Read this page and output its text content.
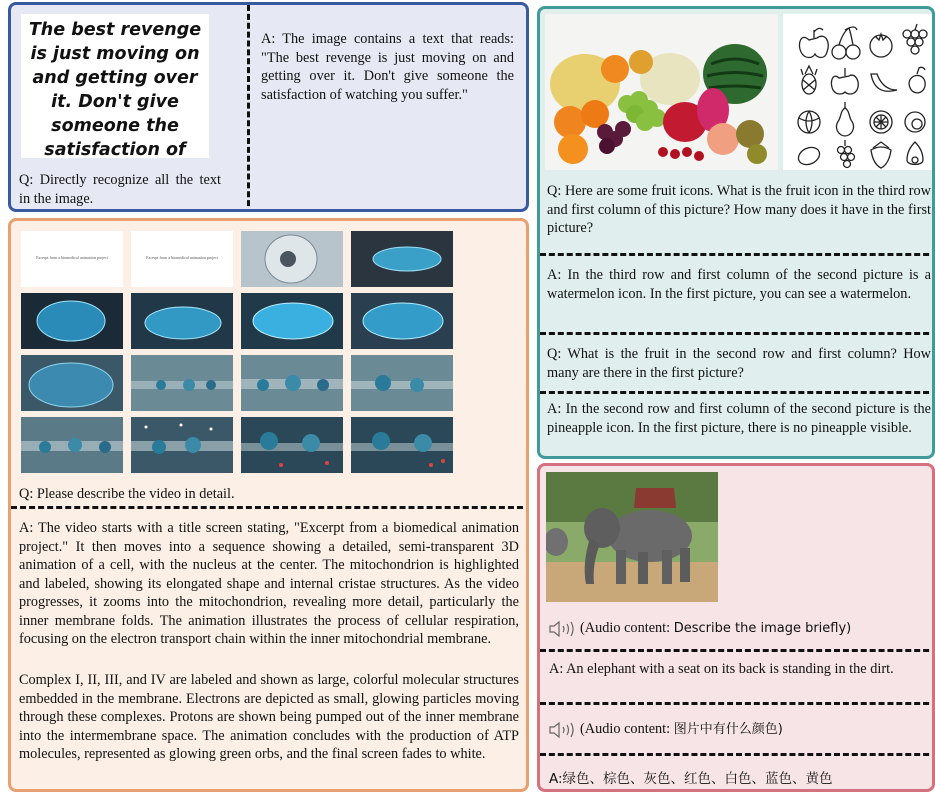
The best revenge is just moving on and getting over it. Don't give someone the satisfaction of
Q: Directly recognize all the text in the image.
A: The image contains a text that reads: "The best revenge is just moving on and getting over it. Don't give someone the satisfaction of watching you suffer."
Q: Here are some fruit icons. What is the fruit icon in the third row and first column of this picture? How many does it have in the first picture?
A: In the third row and first column of the second picture is a watermelon icon. In the first picture, you can see a watermelon.
Q: What is the fruit in the second row and first column? How many are there in the first picture?
A: In the second row and first column of the second picture is the pineapple icon. In the first picture, there is no pineapple visible.
Excerpt from a biomedical animation project	Excerpt from a biomedical animation project
Q: Please describe the video in detail.
A: The video starts with a title screen stating, "Excerpt from a biomedical animation project." It then moves into a sequence showing a detailed, semi-transparent 3D animation of a cell, with the nucleus at the center. The mitochondrion is highlighted and labeled, showing its elongated shape and internal cristae structures. As the video progresses, it zooms into the mitochondrion, revealing more detail, particularly the inner membrane folds. The animation illustrates the process of cellular respiration, focusing on the electron transport chain within the inner mitochondrial membrane.
Complex I, II, III, and IV are labeled and shown as large, colorful molecular structures embedded in the membrane. Electrons are depicted as small, glowing particles moving through these complexes. Protons are shown being pumped out of the inner membrane into the intermembrane space. The animation concludes with the production of ATP molecules, represented as glowing green orbs, and the final screen fades to white.
(Audio content: Describe the image briefly)
A: An elephant with a seat on its back is standing in the dirt.
(Audio content: 图片中有什么颜色)
A:绿色、棕色、灰色、红色、白色、蓝色、黄色
